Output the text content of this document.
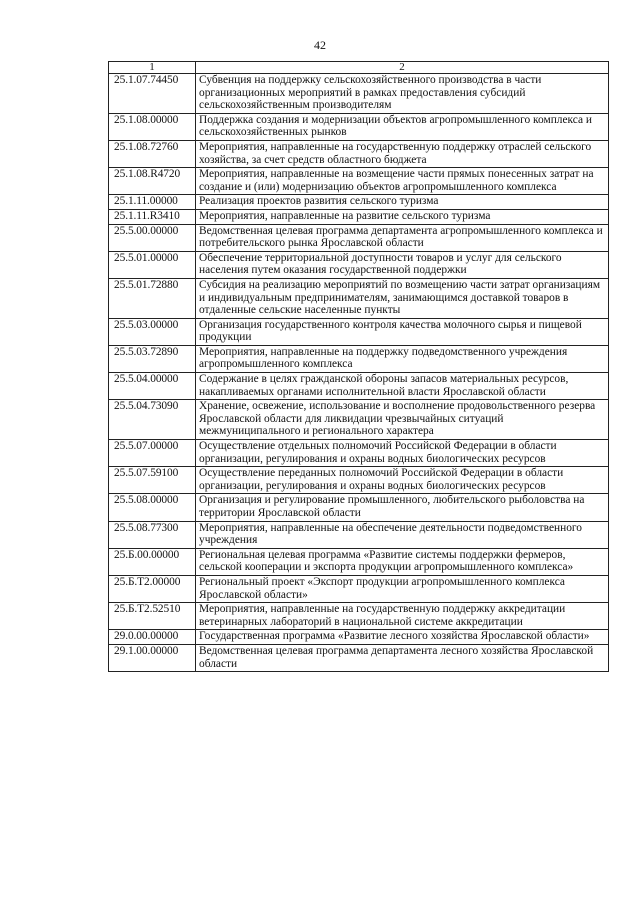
42
1	2
25.1.07.74450	Субвенция на поддержку сельскохозяйственного производства в части организационных мероприятий в рамках предоставления субсидий сельскохозяйственным производителям
25.1.08.00000	Поддержка создания и модернизации объектов агропромышленного комплекса и сельскохозяйственных рынков
25.1.08.72760	Мероприятия, направленные на государственную поддержку отраслей сельского хозяйства, за счет средств областного бюджета
25.1.08.R4720	Мероприятия, направленные на возмещение части прямых понесенных затрат на создание и (или) модернизацию объектов агропромышленного комплекса
25.1.11.00000	Реализация проектов развития сельского туризма
25.1.11.R3410	Мероприятия, направленные на развитие сельского туризма
25.5.00.00000	Ведомственная целевая программа департамента агропромышленного комплекса и потребительского рынка Ярославской области
25.5.01.00000	Обеспечение территориальной доступности товаров и услуг для сельского населения путем оказания государственной поддержки
25.5.01.72880	Субсидия на реализацию мероприятий по возмещению части затрат организациям и индивидуальным предпринимателям, занимающимся доставкой товаров в отдаленные сельские населенные пункты
25.5.03.00000	Организация государственного контроля качества молочного сырья и пищевой продукции
25.5.03.72890	Мероприятия, направленные на поддержку подведомственного учреждения агропромышленного комплекса
25.5.04.00000	Содержание в целях гражданской обороны запасов материальных ресурсов, накапливаемых органами исполнительной власти Ярославской области
25.5.04.73090	Хранение, освежение, использование и восполнение продовольственного резерва Ярославской области для ликвидации чрезвычайных ситуаций межмуниципального и регионального характера
25.5.07.00000	Осуществление отдельных полномочий Российской Федерации в области организации, регулирования и охраны водных биологических ресурсов
25.5.07.59100	Осуществление переданных полномочий Российской Федерации в области организации, регулирования и охраны водных биологических ресурсов
25.5.08.00000	Организация и регулирование промышленного, любительского рыболовства на территории Ярославской области
25.5.08.77300	Мероприятия, направленные на обеспечение деятельности подведомственного учреждения
25.Б.00.00000	Региональная целевая программа «Развитие системы поддержки фермеров, сельской кооперации и экспорта продукции агропромышленного комплекса»
25.Б.Т2.00000	Региональный проект «Экспорт продукции агропромышленного комплекса Ярославской области»
25.Б.Т2.52510	Мероприятия, направленные на государственную поддержку аккредитации ветеринарных лабораторий в национальной системе аккредитации
29.0.00.00000	Государственная программа «Развитие лесного хозяйства Ярославской области»
29.1.00.00000	Ведомственная целевая программа департамента лесного хозяйства Ярославской области
